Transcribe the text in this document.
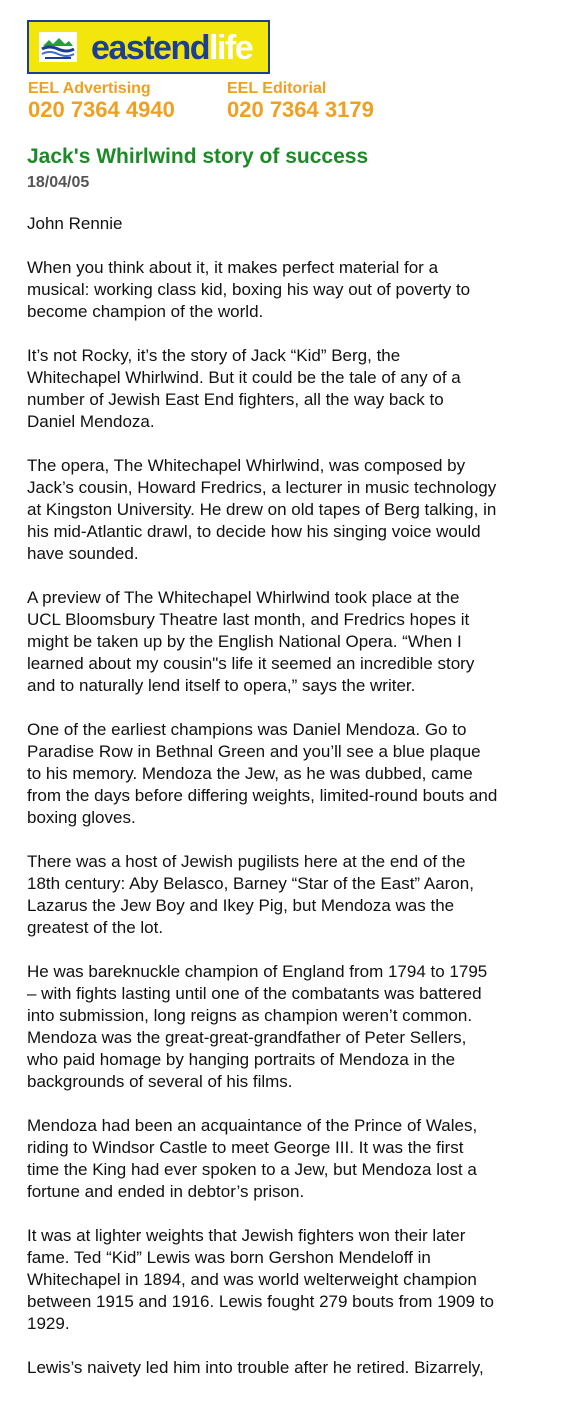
eastendlife
EEL Advertising
020 7364 4940
EEL Editorial
020 7364 3179
Jack's Whirlwind story of success
18/04/05
John Rennie

When you think about it, it makes perfect material for a
musical: working class kid, boxing his way out of poverty to
become champion of the world.

It’s not Rocky, it’s the story of Jack “Kid” Berg, the
Whitechapel Whirlwind. But it could be the tale of any of a
number of Jewish East End fighters, all the way back to
Daniel Mendoza.

The opera, The Whitechapel Whirlwind, was composed by
Jack’s cousin, Howard Fredrics, a lecturer in music technology
at Kingston University. He drew on old tapes of Berg talking, in
his mid-Atlantic drawl, to decide how his singing voice would
have sounded.

A preview of The Whitechapel Whirlwind took place at the
UCL Bloomsbury Theatre last month, and Fredrics hopes it
might be taken up by the English National Opera. “When I
learned about my cousin"s life it seemed an incredible story
and to naturally lend itself to opera,” says the writer.

One of the earliest champions was Daniel Mendoza. Go to
Paradise Row in Bethnal Green and you’ll see a blue plaque
to his memory. Mendoza the Jew, as he was dubbed, came
from the days before differing weights, limited-round bouts and
boxing gloves.

There was a host of Jewish pugilists here at the end of the
18th century: Aby Belasco, Barney “Star of the East” Aaron,
Lazarus the Jew Boy and Ikey Pig, but Mendoza was the
greatest of the lot.

He was bareknuckle champion of England from 1794 to 1795
– with fights lasting until one of the combatants was battered
into submission, long reigns as champion weren’t common.
Mendoza was the great-great-grandfather of Peter Sellers,
who paid homage by hanging portraits of Mendoza in the
backgrounds of several of his films.

Mendoza had been an acquaintance of the Prince of Wales,
riding to Windsor Castle to meet George III. It was the first
time the King had ever spoken to a Jew, but Mendoza lost a
fortune and ended in debtor’s prison.

It was at lighter weights that Jewish fighters won their later
fame. Ted “Kid” Lewis was born Gershon Mendeloff in
Whitechapel in 1894, and was world welterweight champion
between 1915 and 1916. Lewis fought 279 bouts from 1909 to
1929.

Lewis’s naivety led him into trouble after he retired. Bizarrely,
